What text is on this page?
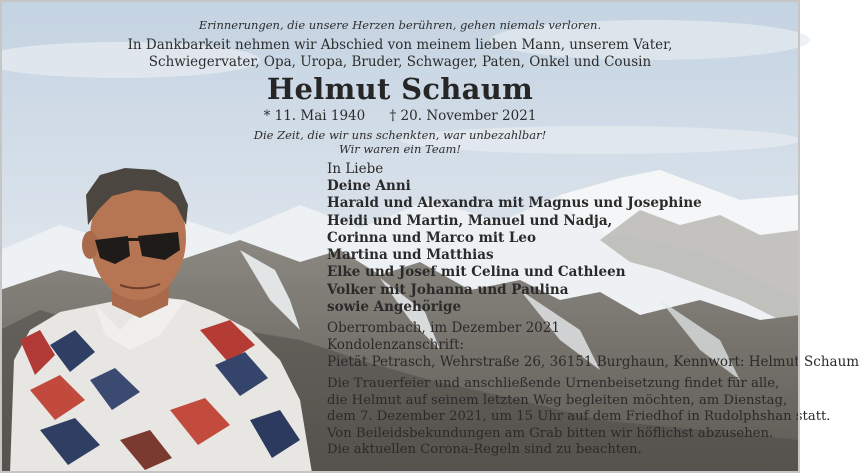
Erinnerungen, die unsere Herzen berühren, gehen niemals verloren.
In Dankbarkeit nehmen wir Abschied von meinem lieben Mann, unserem Vater,
Schwiegervater, Opa, Uropa, Bruder, Schwager, Paten, Onkel und Cousin
Helmut Schaum
* 11. Mai 1940 † 20. November 2021
Die Zeit, die wir uns schenkten, war unbezahlbar!
Wir waren ein Team!
In Liebe
Deine Anni
Harald und Alexandra mit Magnus und Josephine
Heidi und Martin, Manuel und Nadja,
Corinna und Marco mit Leo
Martina und Matthias
Elke und Josef mit Celina und Cathleen
Volker mit Johanna und Paulina
sowie Angehörige
Oberrombach, im Dezember 2021
Kondolenzanschrift:
Pietät Petrasch, Wehrstraße 26, 36151 Burghaun, Kennwort: Helmut Schaum
Die Trauerfeier und anschließende Urnenbeisetzung findet für alle,
die Helmut auf seinem letzten Weg begleiten möchten, am Dienstag,
dem 7. Dezember 2021, um 15 Uhr auf dem Friedhof in Rudolphshan statt.
Von Beileidsbekundungen am Grab bitten wir höflichst abzusehen.
Die aktuellen Corona-Regeln sind zu beachten.
